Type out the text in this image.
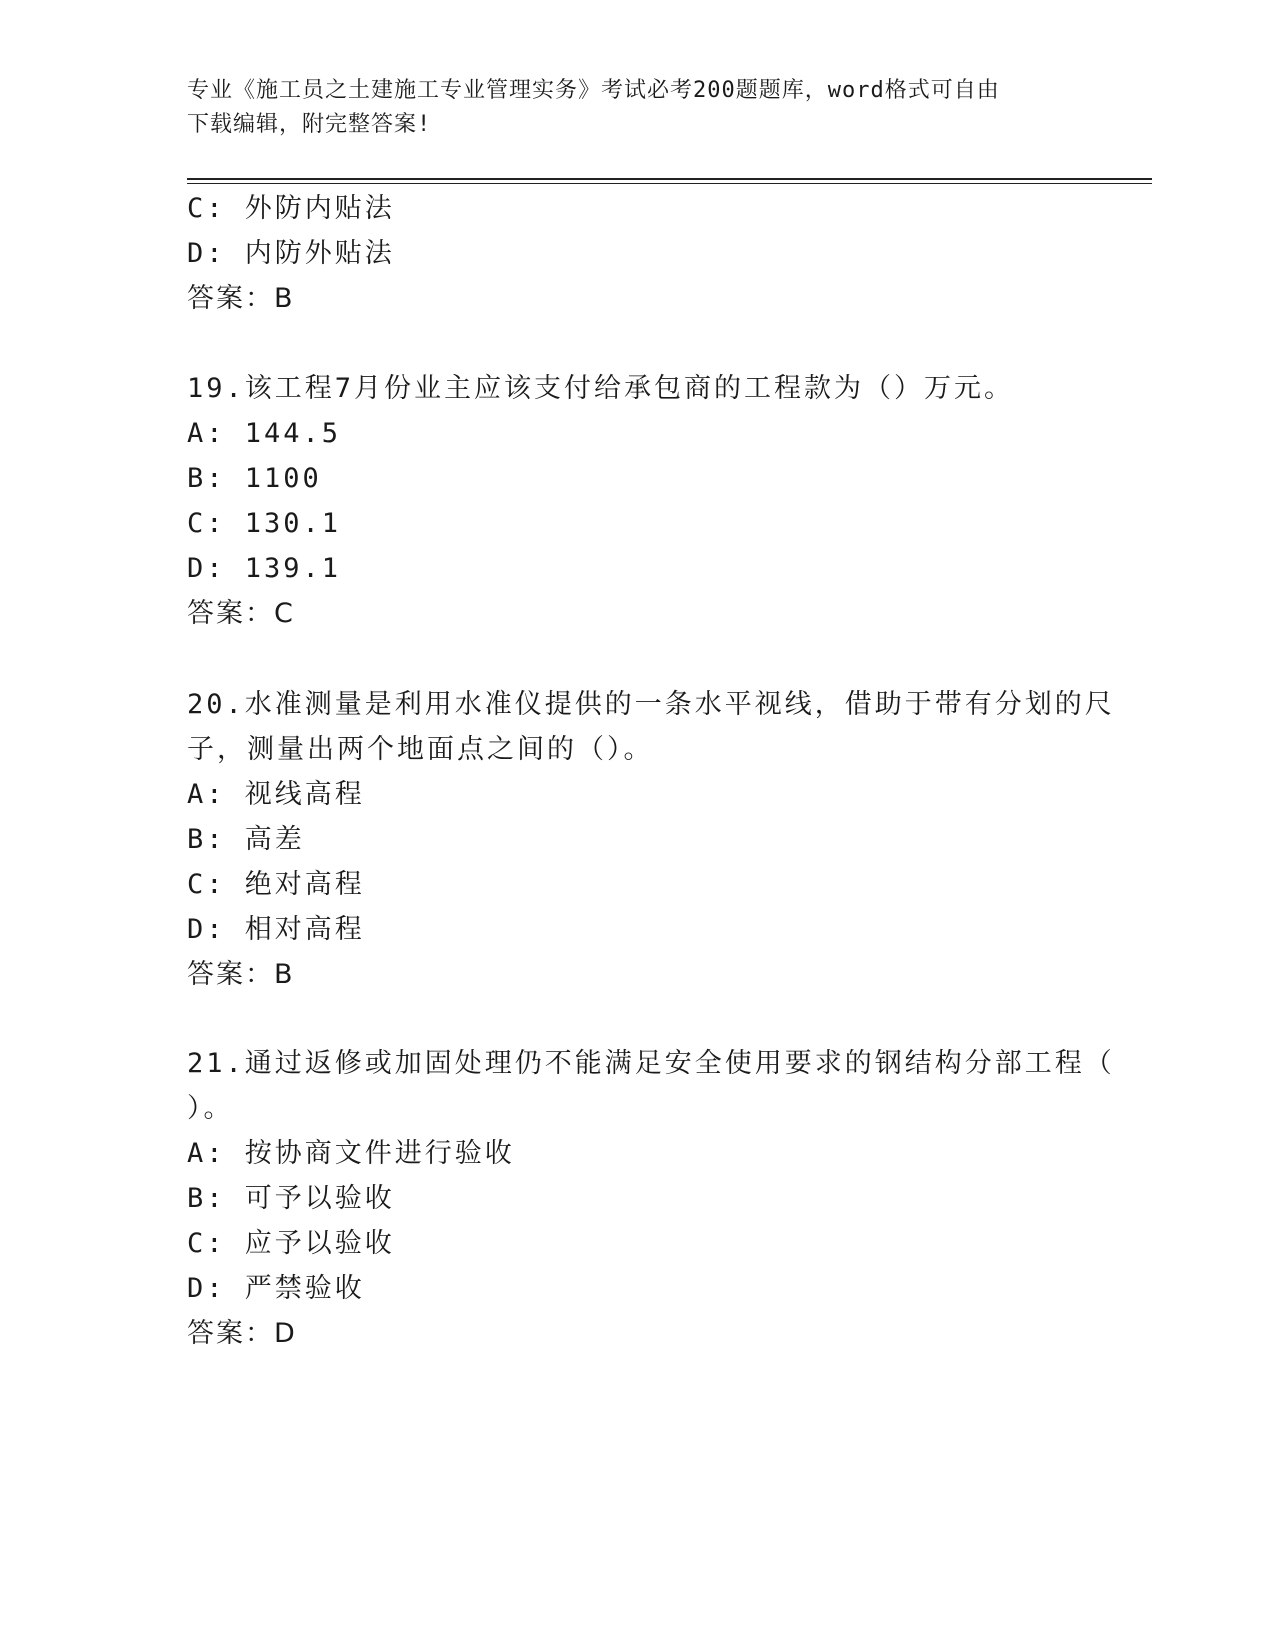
专业《施工员之土建施工专业管理实务》考试必考200题题库，word格式可自由
下载编辑，附完整答案!
C: 外防内贴法
D: 内防外贴法
答案：B
19.该工程7月份业主应该支付给承包商的工程款为（）万元。
A: 144.5
B: 1100
C: 130.1
D: 139.1
答案：C
20.水准测量是利用水准仪提供的一条水平视线，借助于带有分划的尺
子，测量出两个地面点之间的（）。
A: 视线高程
B: 高差
C: 绝对高程
D: 相对高程
答案：B
21.通过返修或加固处理仍不能满足安全使用要求的钢结构分部工程（
）。
A: 按协商文件进行验收
B: 可予以验收
C: 应予以验收
D: 严禁验收
答案：D
